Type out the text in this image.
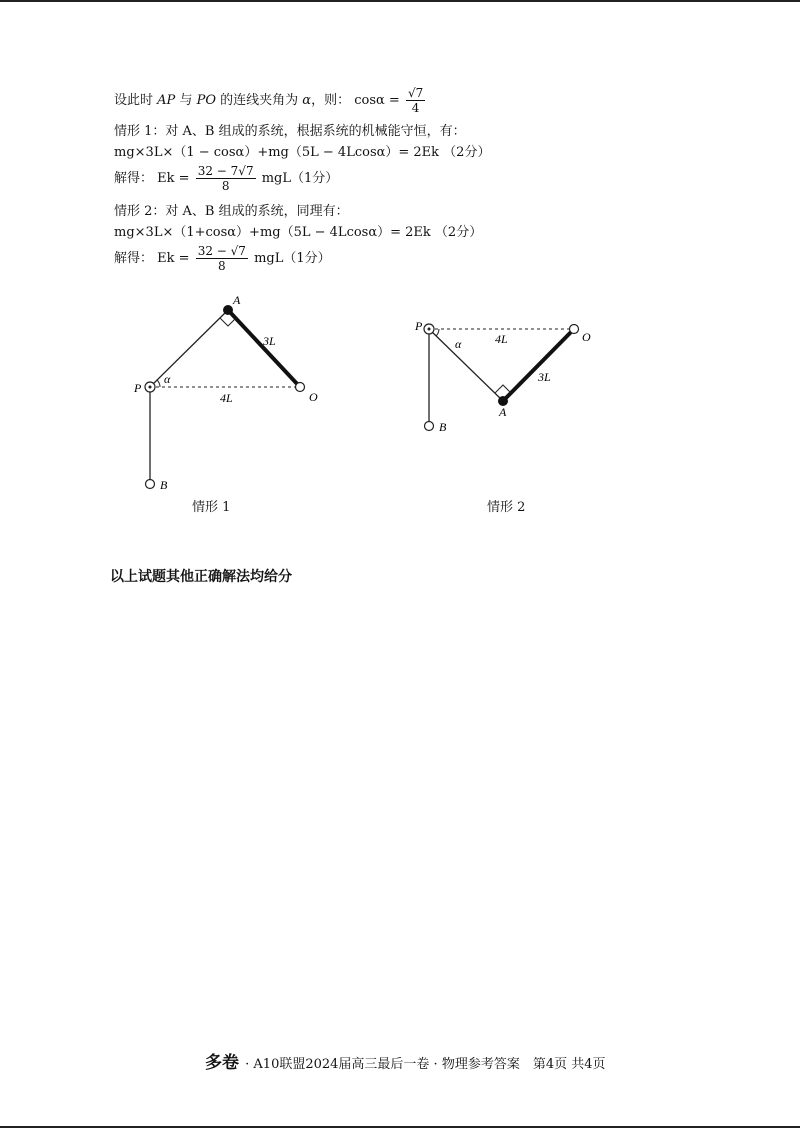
设此时 AP 与 PO 的连线夹角为 α，则： $\cos\alpha = \frac{√7}{4}$
情形 1：对 A、B 组成的系统，根据系统的机械能守恒，有：
mg×3L×（1 − cosα）+mg（5L − 4Lcosα）= 2Ek （2分）
解得： $Ek = \frac{32 - 7√7}{8} mgL(1$分）
情形 2：对 A、B 组成的系统，同理有：
mg×3L×（1+cosα）+mg（5L − 4Lcosα）= 2Ek （2分）
解得： $Ek = \frac{32 - √7}{8} mgL(1$分）
A
P
O
B
α
3L
4L
情形 1
P
O
A
B
α	4L
3L
情形 2
以上试题其他正确解法均给分
多卷 · A10联盟2024届高三最后一卷 · 物理参考答案　第4页 共4页
